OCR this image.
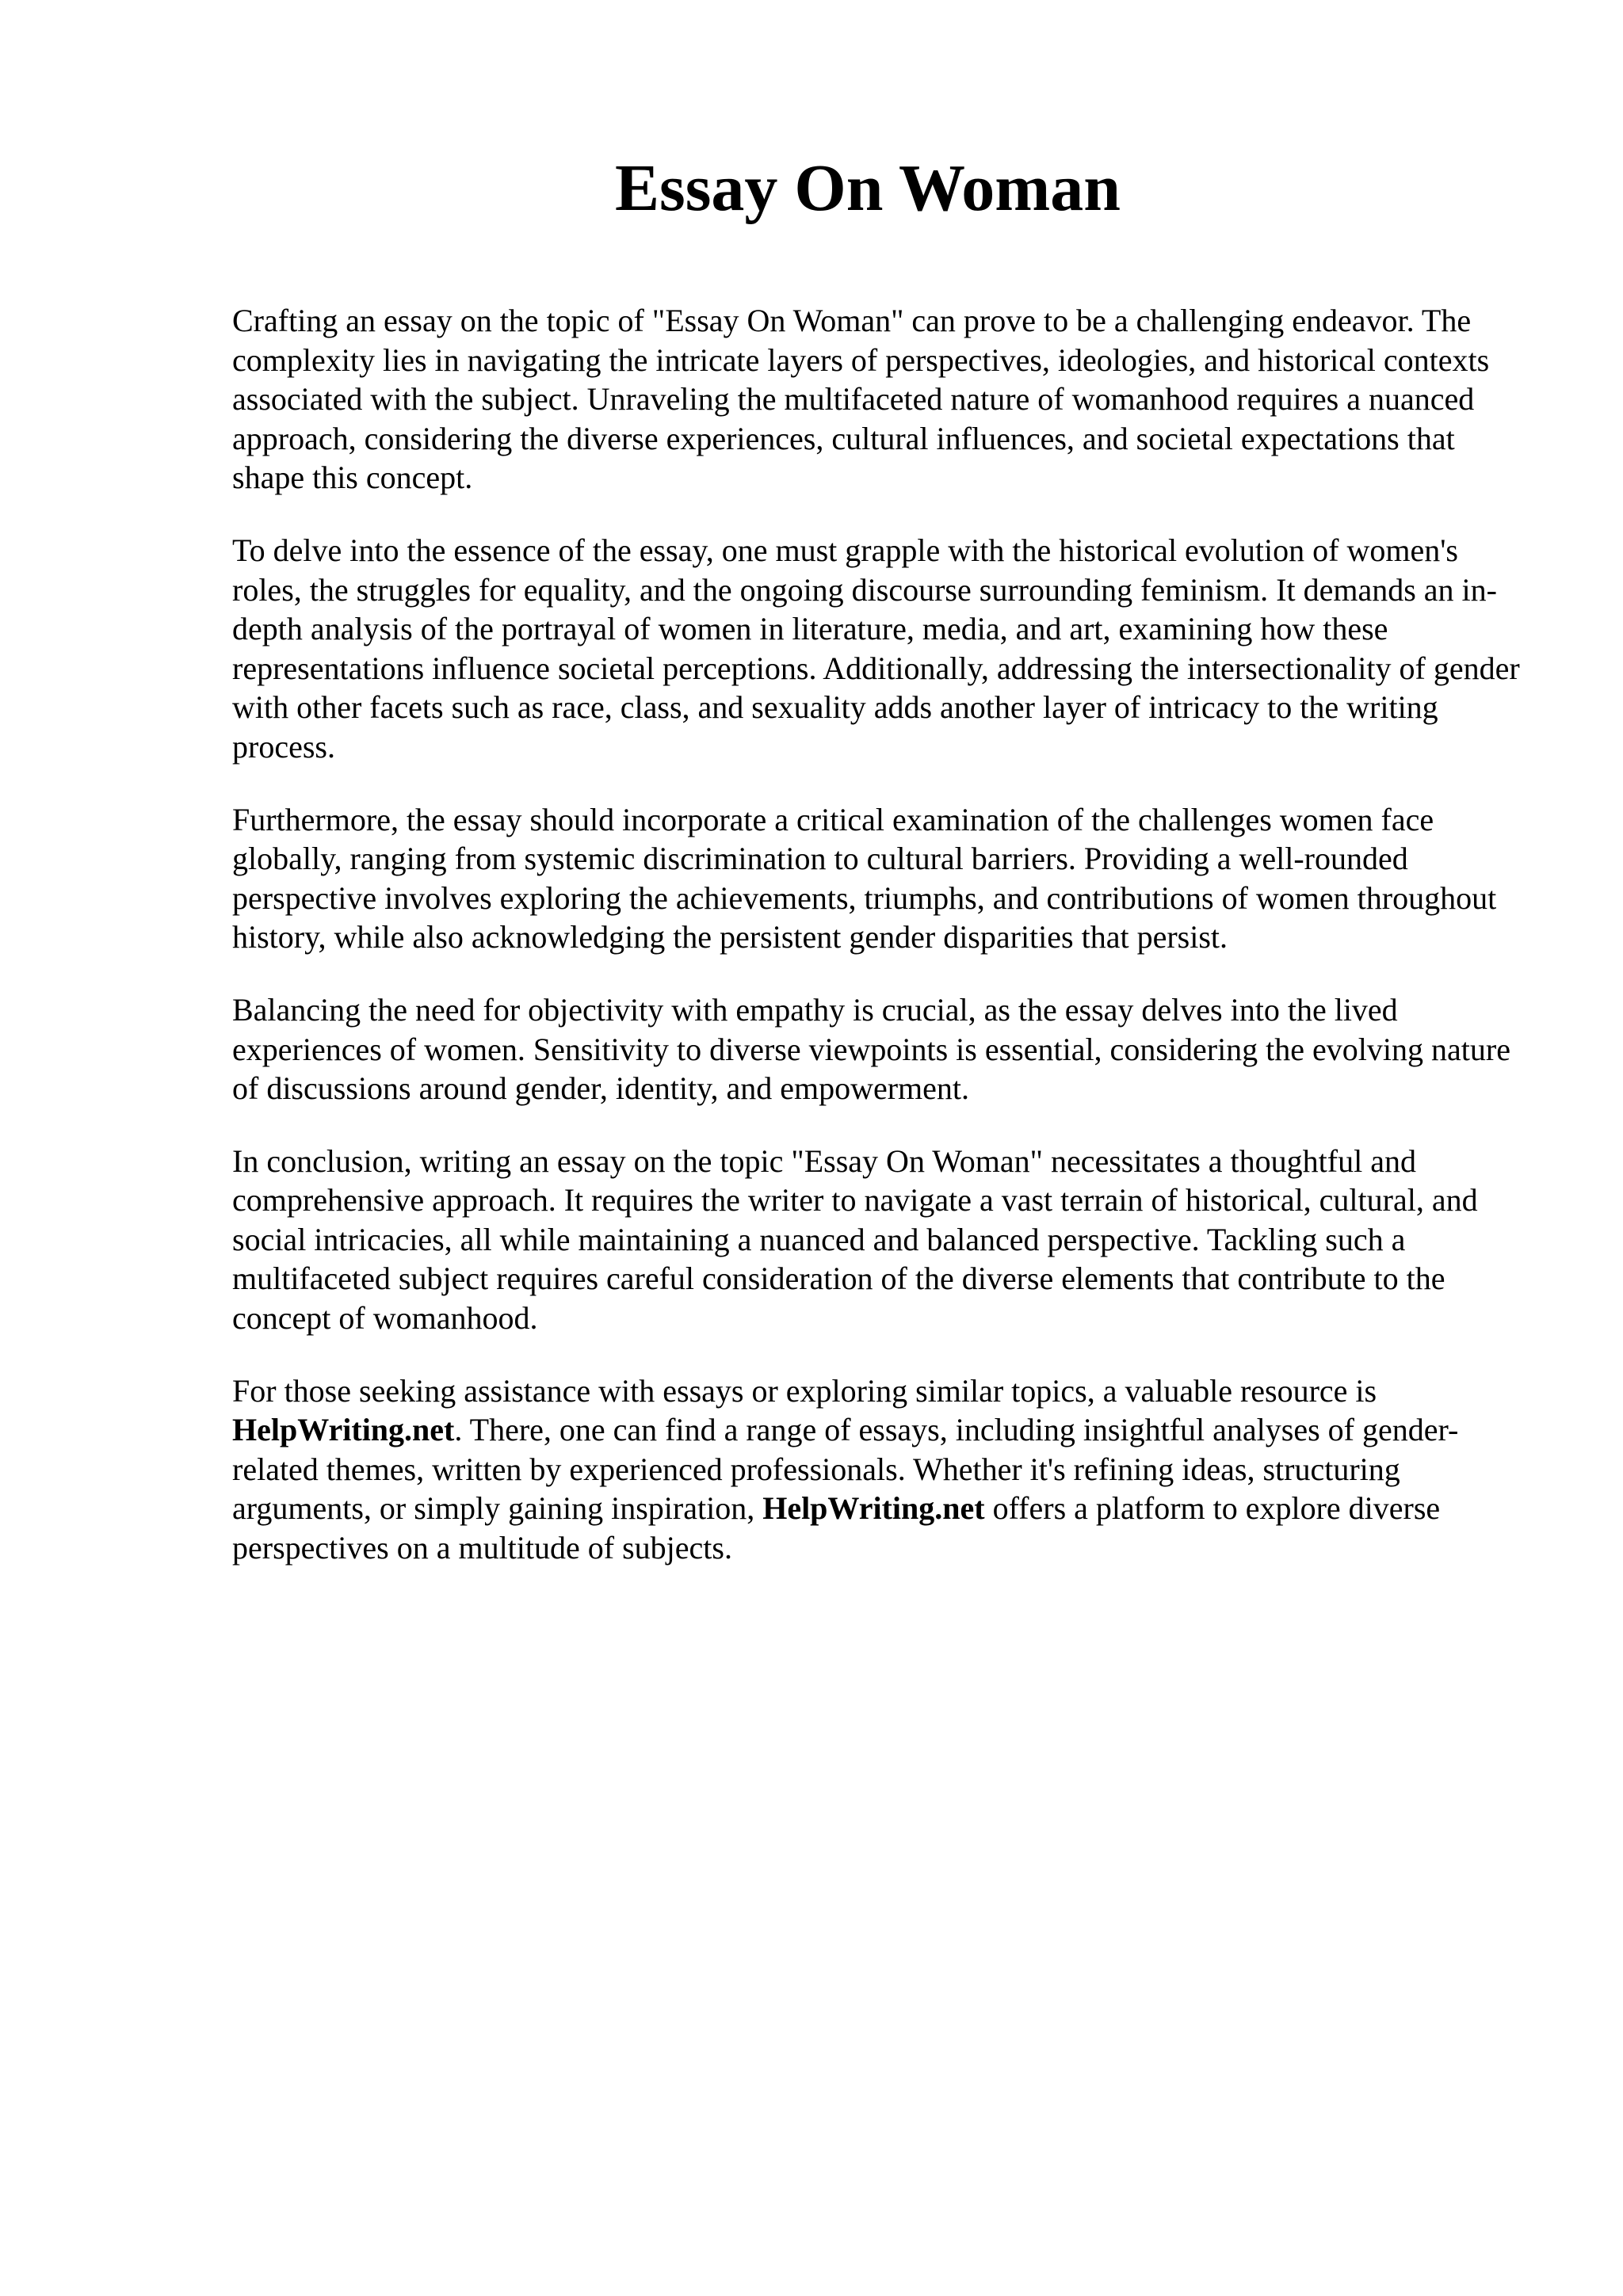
Essay On Woman

Crafting an essay on the topic of "Essay On Woman" can prove to be a challenging endeavor. The complexity lies in navigating the intricate layers of perspectives, ideologies, and historical contexts associated with the subject. Unraveling the multifaceted nature of womanhood requires a nuanced approach, considering the diverse experiences, cultural influences, and societal expectations that shape this concept.

To delve into the essence of the essay, one must grapple with the historical evolution of women's roles, the struggles for equality, and the ongoing discourse surrounding feminism. It demands an in-depth analysis of the portrayal of women in literature, media, and art, examining how these representations influence societal perceptions. Additionally, addressing the intersectionality of gender with other facets such as race, class, and sexuality adds another layer of intricacy to the writing process.

Furthermore, the essay should incorporate a critical examination of the challenges women face globally, ranging from systemic discrimination to cultural barriers. Providing a well-rounded perspective involves exploring the achievements, triumphs, and contributions of women throughout history, while also acknowledging the persistent gender disparities that persist.

Balancing the need for objectivity with empathy is crucial, as the essay delves into the lived experiences of women. Sensitivity to diverse viewpoints is essential, considering the evolving nature of discussions around gender, identity, and empowerment.

In conclusion, writing an essay on the topic "Essay On Woman" necessitates a thoughtful and comprehensive approach. It requires the writer to navigate a vast terrain of historical, cultural, and social intricacies, all while maintaining a nuanced and balanced perspective. Tackling such a multifaceted subject requires careful consideration of the diverse elements that contribute to the concept of womanhood.

For those seeking assistance with essays or exploring similar topics, a valuable resource is HelpWriting.net. There, one can find a range of essays, including insightful analyses of gender-related themes, written by experienced professionals. Whether it's refining ideas, structuring arguments, or simply gaining inspiration, HelpWriting.net offers a platform to explore diverse perspectives on a multitude of subjects.
